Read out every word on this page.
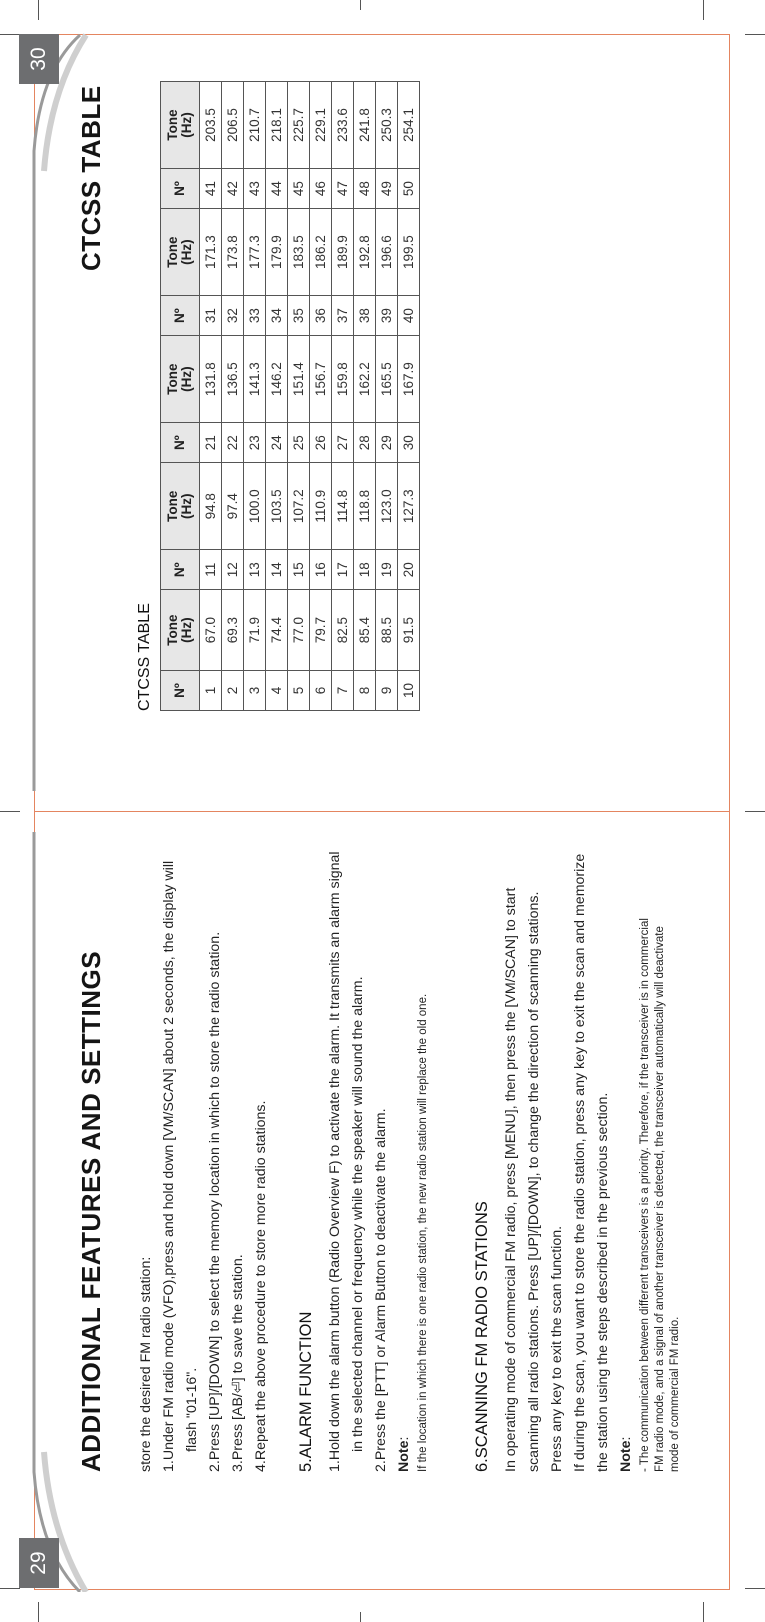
29
ADDITIONAL FEATURES AND SETTINGS store the desired FM radio station: 1.Under FM radio mode (VFO),press and hold down [VM/SCAN] about 2 seconds, the display will flash "01-16". 2.Press [UP]/[DOWN] to select the memory location in which to store the radio station. 3.Press [AB/⏎] to save the station. 4.Repeat the above procedure to store more radio stations. 5.ALARM FUNCTION 1.Hold down the alarm button (Radio Overview F) to activate the alarm. It transmits an alarm signal in the selected channel or frequency while the speaker will sound the alarm. 2.Press the [PTT] or Alarm Button to deactivate the alarm. Note: If the location in which there is one radio station, the new radio station will replace the old one.	6.SCANNING FM RADIO STATIONS In operating mode of commercial FM radio, press [MENU], then press the [VM/SCAN] to start scanning all radio stations. Press [UP]/[DOWN], to change the direction of scanning stations. Press any key to exit the scan function. If during the scan, you want to store the radio station, press any key to exit the scan and memorize the station using the steps described in the previous section. Note: - The communication between different transceivers is a priority. Therefore, if the transceiver is in commercial FM radio mode, and a signal of another transceiver is detected, the transceiver automatically will deactivate mode of commercial FM radio.

30
CTCSS TABLE
CTCSS TABLE Nº	Tone
(Hz)	Nº	Tone
(Hz)	Nº	Tone
(Hz)	Nº	Tone
(Hz)	Nº	Tone
(Hz)
1	67.0	11	94.8	21	131.8	31	171.3	41	203.5
2	69.3	12	97.4	22	136.5	32	173.8	42	206.5
3	71.9	13	100.0	23	141.3	33	177.3	43	210.7
4	74.4	14	103.5	24	146.2	34	179.9	44	218.1
5	77.0	15	107.2	25	151.4	35	183.5	45	225.7
6	79.7	16	110.9	26	156.7	36	186.2	46	229.1
7	82.5	17	114.8	27	159.8	37	189.9	47	233.6
8	85.4	18	118.8	28	162.2	38	192.8	48	241.8
9	88.5	19	123.0	29	165.5	39	196.6	49	250.3
10	91.5	20	127.3	30	167.9	40	199.5	50	254.1
